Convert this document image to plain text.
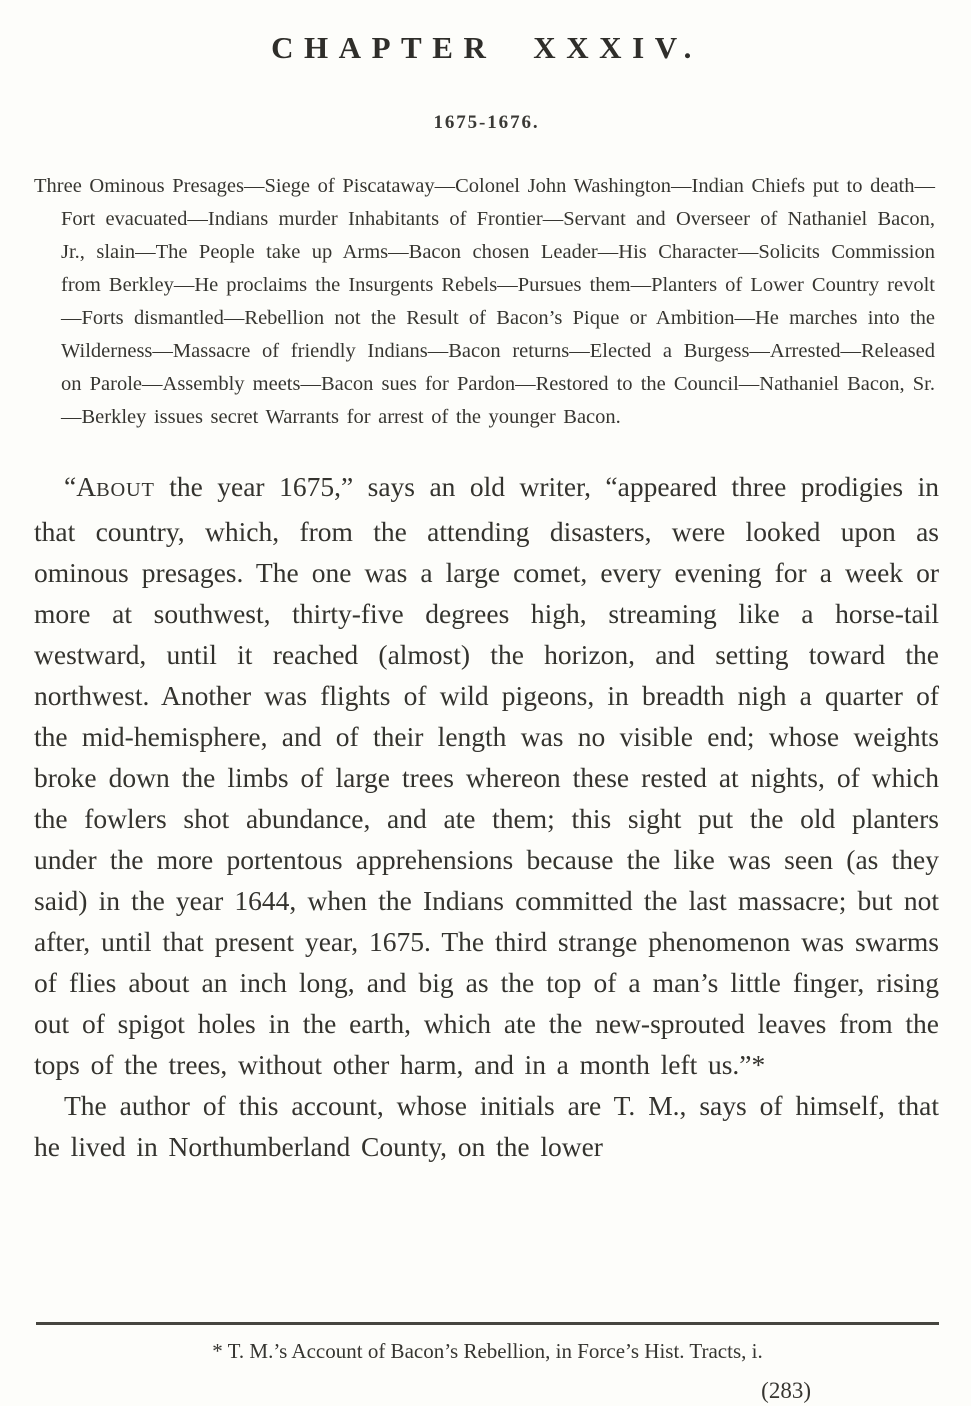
CHAPTER XXXIV.
1675-1676.

Three Ominous Presages—Siege of Piscataway—Colonel John Washington—Indian Chiefs put to death—Fort evacuated—Indians murder Inhabitants of Frontier—Servant and Overseer of Nathaniel Bacon, Jr., slain—The People take up Arms—Bacon chosen Leader—His Character—Solicits Commission from Berkley—He proclaims the Insurgents Rebels—Pursues them—Planters of Lower Country revolt—Forts dismantled—Rebellion not the Result of Bacon’s Pique or Ambition—He marches into the Wilderness—Massacre of friendly Indians—Bacon returns—Elected a Burgess—Arrested—Released on Parole—Assembly meets—Bacon sues for Pardon—Restored to the Council—Nathaniel Bacon, Sr.—Berkley issues secret Warrants for arrest of the younger Bacon.

“ABOUT the year 1675,” says an old writer, “appeared three prodigies in that country, which, from the attending disasters, were looked upon as ominous presages. The one was a large comet, every evening for a week or more at southwest, thirty-five degrees high, streaming like a horse-tail westward, until it reached (almost) the horizon, and setting toward the northwest. Another was flights of wild pigeons, in breadth nigh a quarter of the mid-hemisphere, and of their length was no visible end; whose weights broke down the limbs of large trees whereon these rested at nights, of which the fowlers shot abundance, and ate them; this sight put the old planters under the more portentous apprehensions because the like was seen (as they said) in the year 1644, when the Indians committed the last massacre; but not after, until that present year, 1675. The third strange phenomenon was swarms of flies about an inch long, and big as the top of a man’s little finger, rising out of spigot holes in the earth, which ate the new-sprouted leaves from the tops of the trees, without other harm, and in a month left us.”*

The author of this account, whose initials are T. M., says of himself, that he lived in Northumberland County, on the lower

* T. M.’s Account of Bacon’s Rebellion, in Force’s Hist. Tracts, i.

(283)
